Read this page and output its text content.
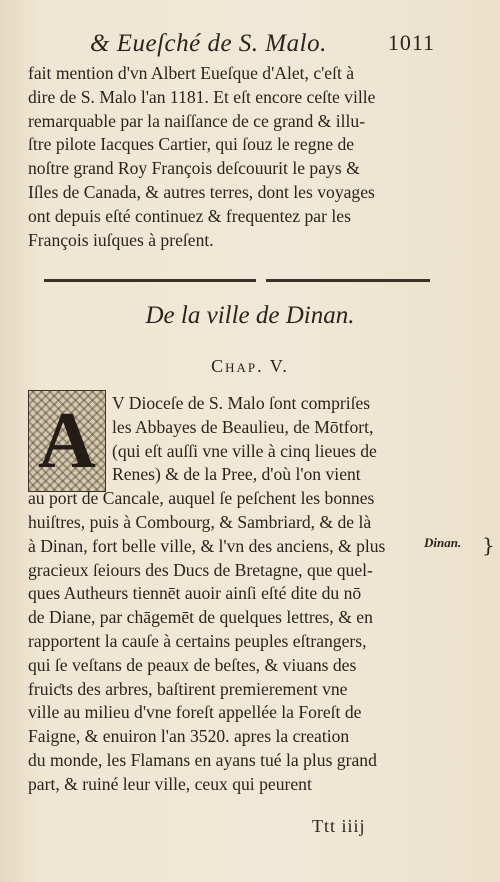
& Eueſché de S. Malo.	1011
fait mention d'vn Albert Eueſque d'Alet, c'eſt à
dire de S. Malo l'an 1181. Et eſt encore ceſte ville
remarquable par la naiſſance de ce grand & illu-
ſtre pilote Iacques Cartier, qui ſouz le regne de
noſtre grand Roy François deſcouurit le pays &
Iſles de Canada, & autres terres, dont les voyages
ont depuis eſté continuez & frequentez par les
François iuſques à preſent.
De la ville de Dinan.
Chap. V.
A V Dioceſe de S. Malo ſont compriſes
les Abbayes de Beaulieu, de Mōtfort,
(qui eſt auſſi vne ville à cinq lieues de
Renes) & de la Pree, d'où l'on vient
au port de Cancale, auquel ſe peſchent les bonnes
huiſtres, puis à Combourg, & Sambriard, & de là
à Dinan, fort belle ville, & l'vn des anciens, & plus
gracieux ſeiours des Ducs de Bretagne, que quel-
ques Autheurs tiennēt auoir ainſi eſté dite du nō
de Diane, par chāgemēt de quelques lettres, & en
rapportent la cauſe à certains peuples eſtrangers,
qui ſe veſtans de peaux de beſtes, & viuans des
fruiƈts des arbres, baſtirent premierement vne
ville au milieu d'vne foreſt appellée la Foreſt de
Faigne, & enuiron l'an 3520. apres la creation
du monde, les Flamans en ayans tué la plus grand
part, & ruiné leur ville, ceux qui peurent
Dinan. }
Ttt iiij
